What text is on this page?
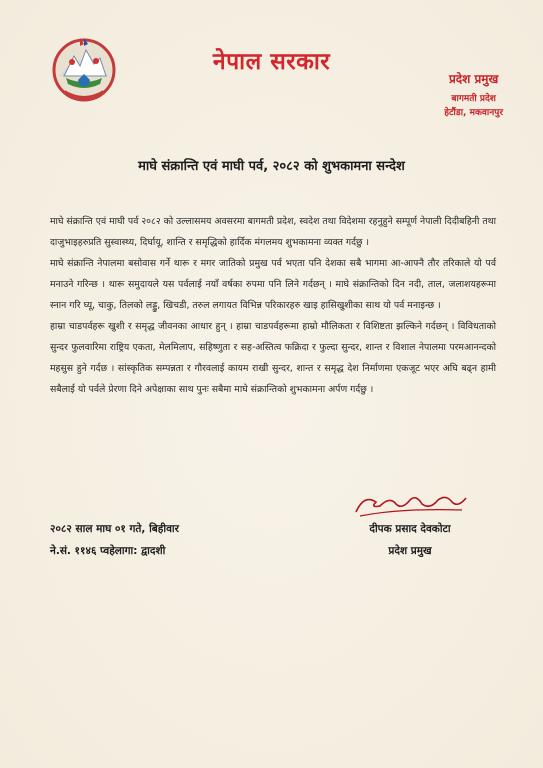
नेपाल सरकार
प्रदेश प्रमुख
बागमती प्रदेश
हेटौंडा, मकवानपुर
माघे संक्रान्ति एवं माघी पर्व, २०८२ को शुभकामना सन्देश

माघे संक्रान्ति एवं माघी पर्व २०८२ को उल्लासमय अवसरमा बागमती प्रदेश, स्वदेश तथा विदेशमा रहनुहुने सम्पूर्ण नेपाली दिदीबहिनी तथा दाजुभाइहरुप्रति सुस्वास्थ्य, दिर्घायू, शान्ति र समृद्धिको हार्दिक मंगलमय शुभकामना व्यक्त गर्दछु ।

माघे संक्रान्ति नेपालमा बसोवास गर्ने थारू र मगर जातिको प्रमुख पर्व भएता पनि देशका सबै भागमा आ-आफ्नै तौर तरिकाले यो पर्व मनाउने गरिन्छ । थारू समुदायले यस पर्वलाई नयाँ वर्षका रुपमा पनि लिने गर्दछन् । माघे संक्रान्तिको दिन नदी, ताल, जलाशयहरूमा स्नान गरि घ्यू, चाकु, तिलको लड्डु, खिचडी, तरुल लगायत विभिन्न परिकारहरु खाइ हासिखुशीका साथ यो पर्व मनाइन्छ ।

हाम्रा चाडपर्वहरू खुशी र समृद्ध जीवनका आधार हुन् । हाम्रा चाडपर्वहरूमा हाम्रो मौलिकता र विशिष्टता झल्किने गर्दछन् । विविधताको सुन्दर फुलवारिमा राष्ट्रिय एकता, मेलमिलाप, सहिष्णुता र सह-अस्तित्व फक्रिदा र फुल्दा सुन्दर, शान्त र विशाल नेपालमा परमआनन्दको महसुस हुने गर्दछ । सांस्कृतिक सम्पन्नता र गौरवलाई कायम राखी सुन्दर, शान्त र समृद्ध देश निर्माणमा एकजूट भएर अघि बढ्न हामी सबैलाई यो पर्वले प्रेरणा दिने अपेक्षाका साथ पुनः सबैमा माघे संक्रान्तिको शुभकामना अर्पण गर्दछु ।

२०८२ साल माघ ०१ गते, बिहीवार
ने.सं. ११४६ प्वहेलागा: द्वादशी
दीपक प्रसाद देवकोटा
प्रदेश प्रमुख
